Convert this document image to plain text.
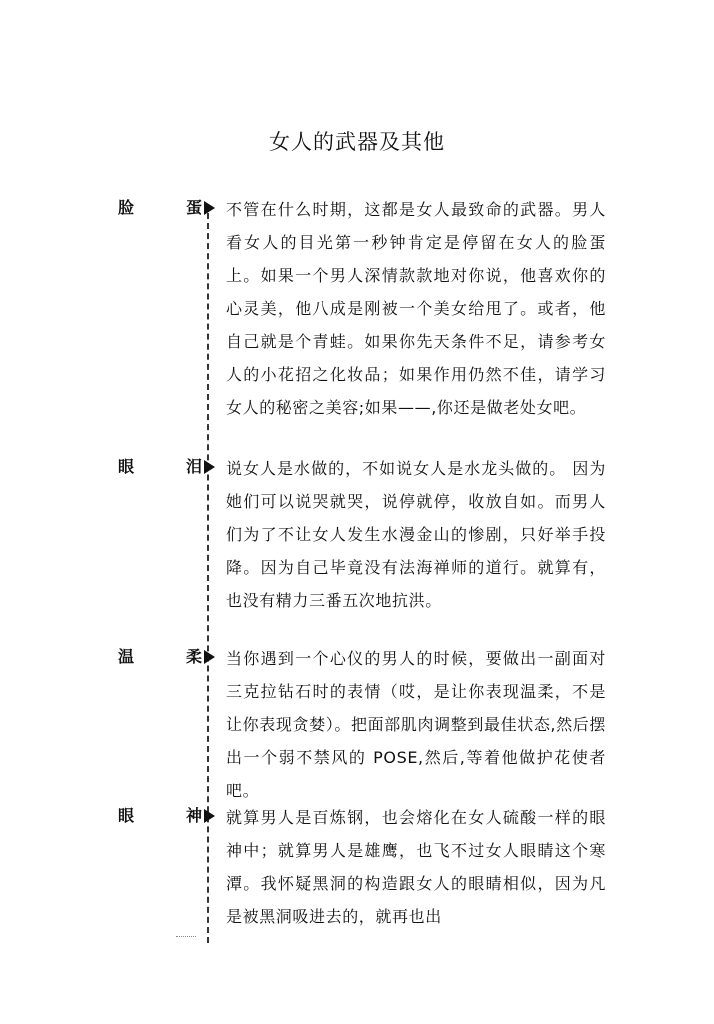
女人的武器及其他
脸	蛋 不管在什么时期，这都是女人最致命的武器。男人看女人的目光第一秒钟肯定是停留在女人的脸蛋上。如果一个男人深情款款地对你说，他喜欢你的心灵美，他八成是刚被一个美女给甩了。或者，他自己就是个青蛙。如果你先天条件不足，请参考女人的小花招之化妆品；如果作用仍然不佳，请学习女人的秘密之美容;如果——,你还是做老处女吧。

眼	泪 说女人是水做的，不如说女人是水龙头做的。 因为她们可以说哭就哭，说停就停，收放自如。而男人们为了不让女人发生水漫金山的惨剧，只好举手投降。因为自己毕竟没有法海禅师的道行。就算有，也没有精力三番五次地抗洪。

温	柔 当你遇到一个心仪的男人的时候，要做出一副面对三克拉钻石时的表情（哎，是让你表现温柔，不是让你表现贪婪）。把面部肌肉调整到最佳状态,然后摆出一个弱不禁风的 POSE,然后,等着他做护花使者吧。

眼	神 就算男人是百炼钢，也会熔化在女人硫酸一样的眼神中；就算男人是雄鹰，也飞不过女人眼睛这个寒潭。我怀疑黑洞的构造跟女人的眼睛相似，因为凡是被黑洞吸进去的，就再也出
